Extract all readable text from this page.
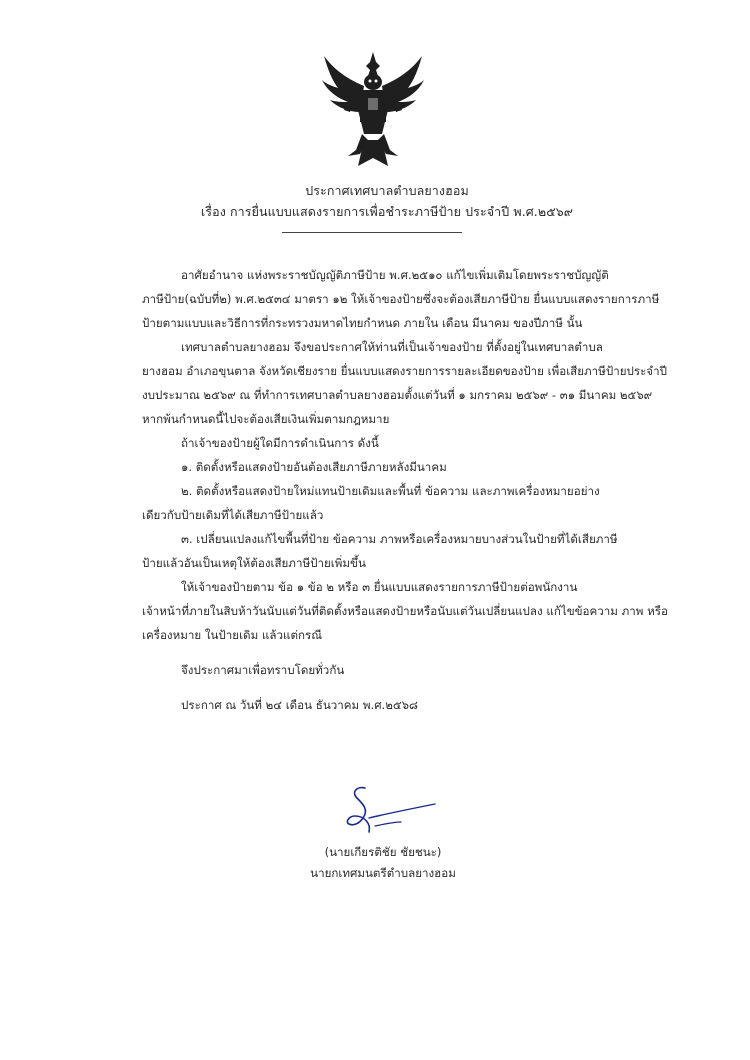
ประกาศเทศบาลตำบลยางฮอม
เรื่อง การยื่นแบบแสดงรายการเพื่อชำระภาษีป้าย ประจำปี พ.ศ.๒๕๖๙
อาศัยอำนาจ แห่งพระราชบัญญัติภาษีป้าย พ.ศ.๒๕๑๐ แก้ไขเพิ่มเติมโดยพระราชบัญญัติ
ภาษีป้าย(ฉบับที่๒) พ.ศ.๒๕๓๔ มาตรา ๑๒ ให้เจ้าของป้ายซึ่งจะต้องเสียภาษีป้าย ยื่นแบบแสดงรายการภาษี
ป้ายตามแบบและวิธีการที่กระทรวงมหาดไทยกำหนด ภายใน เดือน มีนาคม ของปีภาษี นั้น
เทศบาลตำบลยางฮอม จึงขอประกาศให้ท่านที่เป็นเจ้าของป้าย ที่ตั้งอยู่ในเทศบาลตำบล
ยางฮอม อำเภอขุนตาล จังหวัดเชียงราย ยื่นแบบแสดงรายการรายละเอียดของป้าย เพื่อเสียภาษีป้ายประจำปี
งบประมาณ ๒๕๖๙ ณ ที่ทำการเทศบาลตำบลยางฮอมตั้งแต่วันที่ ๑ มกราคม ๒๕๖๙ - ๓๑ มีนาคม ๒๕๖๙
หากพ้นกำหนดนี้ไปจะต้องเสียเงินเพิ่มตามกฎหมาย
ถ้าเจ้าของป้ายผู้ใดมีการดำเนินการ ดังนี้
๑. ติดตั้งหรือแสดงป้ายอันต้องเสียภาษีภายหลังมีนาคม
๒. ติดตั้งหรือแสดงป้ายใหม่แทนป้ายเดิมและพื้นที่ ข้อความ และภาพเครื่องหมายอย่าง
เดียวกับป้ายเดิมที่ได้เสียภาษีป้ายแล้ว
๓. เปลี่ยนแปลงแก้ไขพื้นที่ป้าย ข้อความ ภาพหรือเครื่องหมายบางส่วนในป้ายที่ได้เสียภาษี
ป้ายแล้วอันเป็นเหตุให้ต้องเสียภาษีป้ายเพิ่มขึ้น
ให้เจ้าของป้ายตาม ข้อ ๑ ข้อ ๒ หรือ ๓ ยื่นแบบแสดงรายการภาษีป้ายต่อพนักงาน
เจ้าหน้าที่ภายในสิบห้าวันนับแต่วันที่ติดตั้งหรือแสดงป้ายหรือนับแต่วันเปลี่ยนแปลง แก้ไขข้อความ ภาพ หรือ
เครื่องหมาย ในป้ายเดิม แล้วแต่กรณี
จึงประกาศมาเพื่อทราบโดยทั่วกัน
ประกาศ ณ วันที่ ๒๔ เดือน ธันวาคม พ.ศ.๒๕๖๘
(นายเกียรติชัย ชัยชนะ)
นายกเทศมนตรีตำบลยางฮอม
